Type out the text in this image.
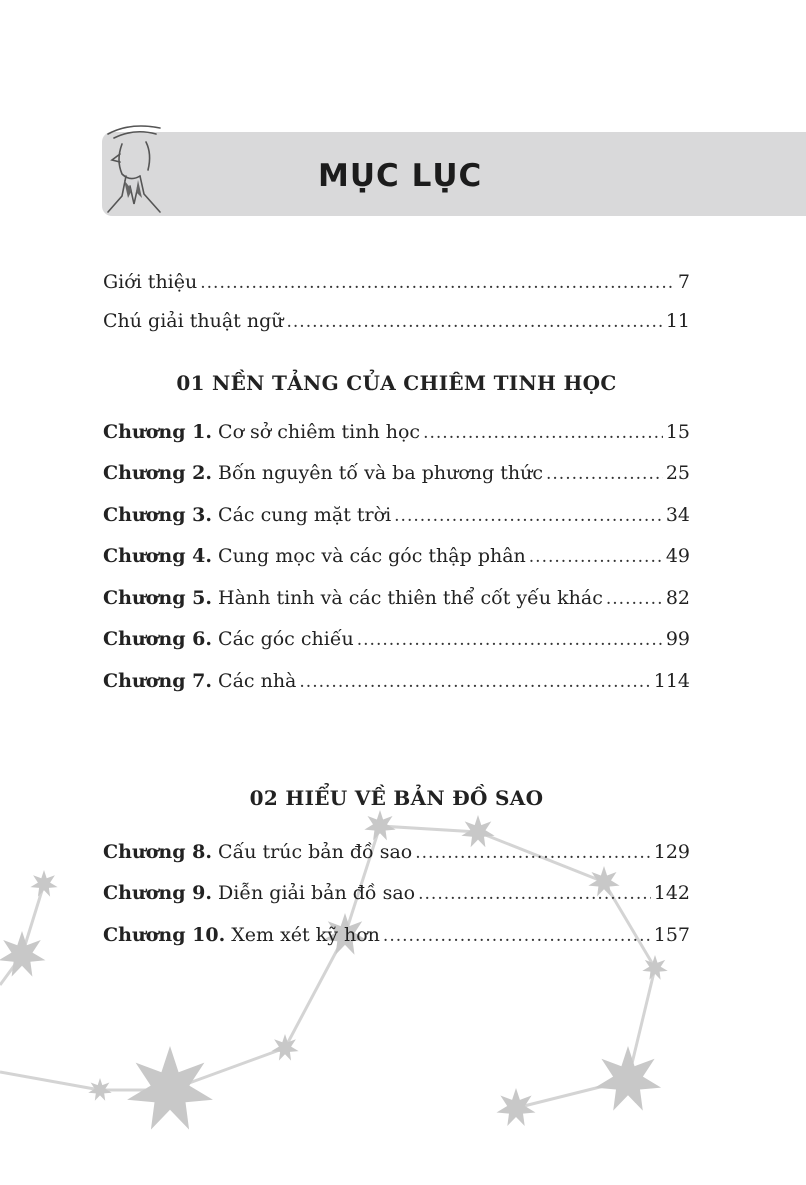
MỤC LỤC
Giới thiệu .....	7
Chú giải thuật ngữ .....	11
01 NỀN TẢNG CỦA CHIÊM TINH HỌC
Chương 1. Cơ sở chiêm tinh học .....	15
Chương 2. Bốn nguyên tố và ba phương thức .....	25
Chương 3. Các cung mặt trời .....	34
Chương 4. Cung mọc và các góc thập phân .....	49
Chương 5. Hành tinh và các thiên thể cốt yếu khác .....	82
Chương 6. Các góc chiếu .....	99
Chương 7. Các nhà .....	114
02 HIỂU VỀ BẢN ĐỒ SAO
Chương 8. Cấu trúc bản đồ sao .....	129
Chương 9. Diễn giải bản đồ sao .....	142
Chương 10. Xem xét kỹ hơn .....	157
